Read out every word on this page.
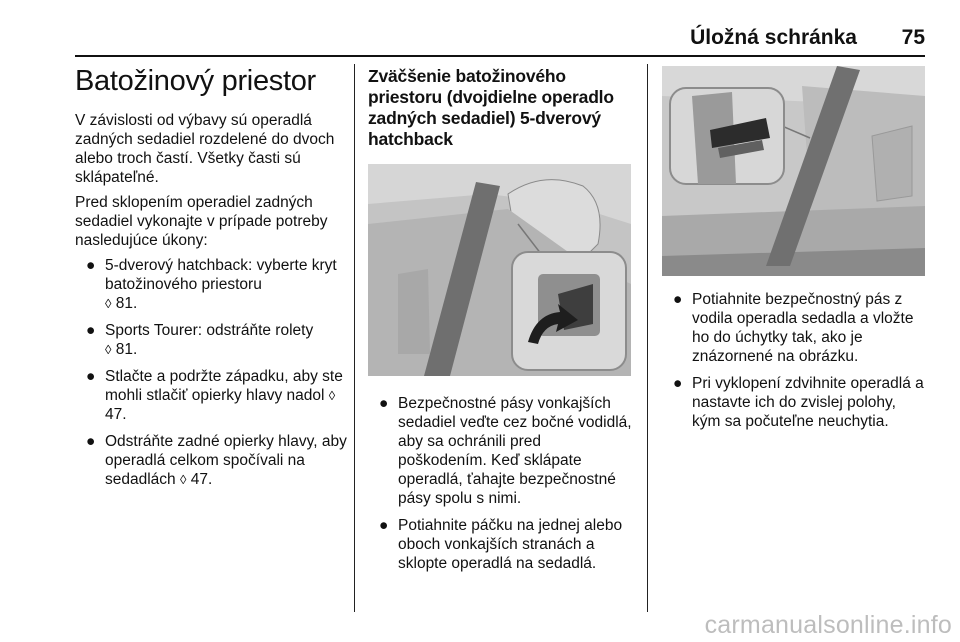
Úložná schránka 75
Batožinový priestor

V závislosti od výbavy sú operadlá zadných sedadiel rozdelené do dvoch alebo troch častí. Všetky časti sú sklápateľné.

Pred sklopením operadiel zadných sedadiel vykonajte v prípade potreby nasledujúce úkony:

● 5-dverový hatchback: vyberte kryt batožinového priestoru
◊ 81.
● Sports Tourer: odstráňte rolety
◊ 81.
● Stlačte a podržte západku, aby ste mohli stlačiť opierky hlavy nadol ◊ 47.
● Odstráňte zadné opierky hlavy, aby operadlá celkom spočívali na sedadlách ◊ 47.
Zväčšenie batožinového priestoru (dvojdielne operadlo zadných sedadiel) 5-dverový hatchback
● Bezpečnostné pásy vonkajších sedadiel veďte cez bočné vodidlá, aby sa ochránili pred poškodením. Keď sklápate operadlá, ťahajte bezpečnostné pásy spolu s nimi.
● Potiahnite páčku na jednej alebo oboch vonkajších stranách a sklopte operadlá na sedadlá.
● Potiahnite bezpečnostný pás z vodila operadla sedadla a vložte ho do úchytky tak, ako je znázornené na obrázku.
● Pri vyklopení zdvihnite operadlá a nastavte ich do zvislej polohy, kým sa počuteľne neuchytia.
carmanualsonline.info
